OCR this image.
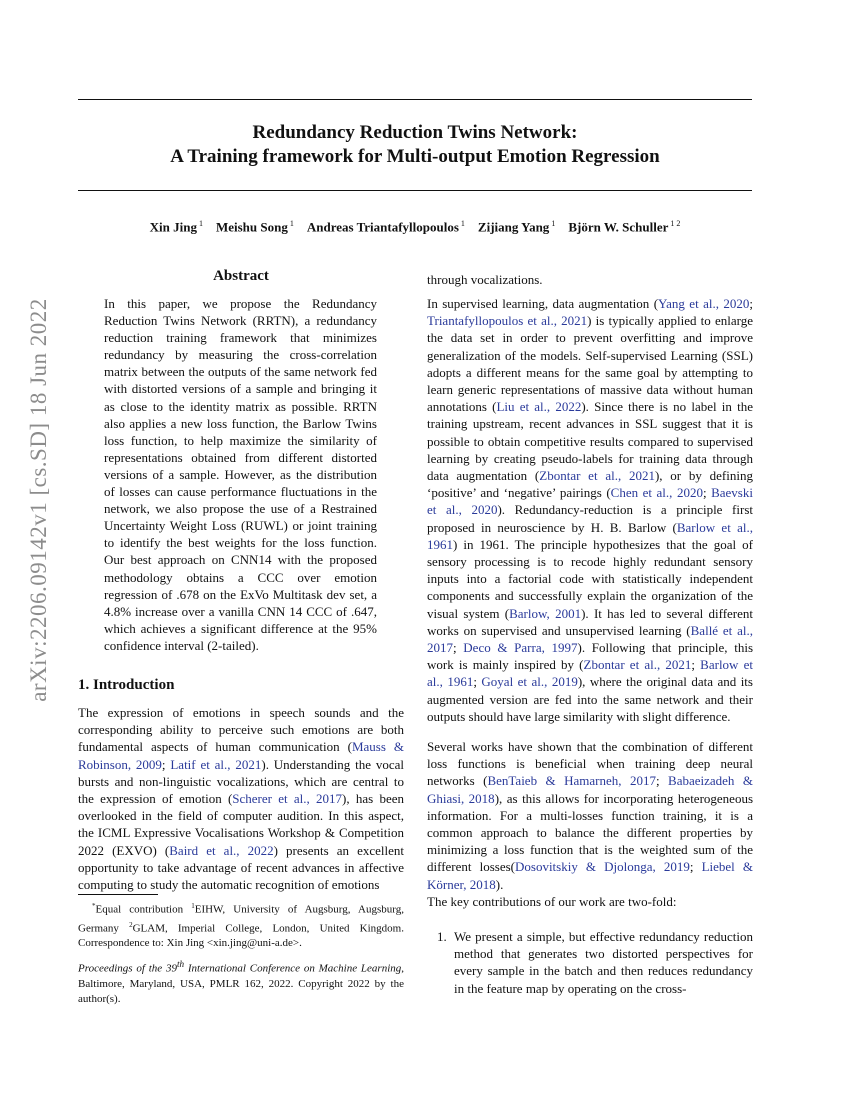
Redundancy Reduction Twins Network:
A Training framework for Multi-output Emotion Regression
Xin Jing $^1$  Meishu Song $^1$  Andreas Triantafyllopoulos $^1$  Zijiang Yang $^1$  Björn W. Schuller $^{1 2}$
arXiv:2206.09142v1 [cs.SD] 18 Jun 2022
Abstract

In this paper, we propose the Redundancy Reduction Twins Network (RRTN), a redundancy reduction training framework that minimizes redundancy by measuring the cross-correlation matrix between the outputs of the same network fed with distorted versions of a sample and bringing it as close to the identity matrix as possible. RRTN also applies a new loss function, the Barlow Twins loss function, to help maximize the similarity of representations obtained from different distorted versions of a sample. However, as the distribution of losses can cause performance fluctuations in the network, we also propose the use of a Restrained Uncertainty Weight Loss (RUWL) or joint training to identify the best weights for the loss function. Our best approach on CNN14 with the proposed methodology obtains a CCC over emotion regression of .678 on the ExVo Multitask dev set, a 4.8% increase over a vanilla CNN 14 CCC of .647, which achieves a significant difference at the 95% confidence interval (2-tailed).

1. Introduction

The expression of emotions in speech sounds and the corresponding ability to perceive such emotions are both fundamental aspects of human communication (Mauss & Robinson, 2009; Latif et al., 2021). Understanding the vocal bursts and non-linguistic vocalizations, which are central to the expression of emotion (Scherer et al., 2017), has been overlooked in the field of computer audition. In this aspect, the ICML Expressive Vocalisations Workshop & Competition 2022 (EXVO) (Baird et al., 2022) presents an excellent opportunity to take advantage of recent advances in affective computing to study the automatic recognition of emotions

*Equal contribution $^1$EIHW, University of Augsburg, Augsburg, Germany $^2$GLAM, Imperial College, London, United Kingdom. Correspondence to: Xin Jing <xin.jing@uni-a.de>.
Proceedings of the 39th International Conference on Machine Learning, Baltimore, Maryland, USA, PMLR 162, 2022. Copyright 2022 by the author(s).

through vocalizations.

In supervised learning, data augmentation (Yang et al., 2020; Triantafyllopoulos et al., 2021) is typically applied to enlarge the data set in order to prevent overfitting and improve generalization of the models. Self-supervised Learning (SSL) adopts a different means for the same goal by attempting to learn generic representations of massive data without human annotations (Liu et al., 2022). Since there is no label in the training upstream, recent advances in SSL suggest that it is possible to obtain competitive results compared to supervised learning by creating pseudo-labels for training data through data augmentation (Zbontar et al., 2021), or by defining ‘positive’ and ‘negative’ pairings (Chen et al., 2020; Baevski et al., 2020). Redundancy-reduction is a principle first proposed in neuroscience by H. B. Barlow (Barlow et al., 1961) in 1961. The principle hypothesizes that the goal of sensory processing is to recode highly redundant sensory inputs into a factorial code with statistically independent components and successfully explain the organization of the visual system (Barlow, 2001). It has led to several different works on supervised and unsupervised learning (Ballé et al., 2017; Deco & Parra, 1997). Following that principle, this work is mainly inspired by (Zbontar et al., 2021; Barlow et al., 1961; Goyal et al., 2019), where the original data and its augmented version are fed into the same network and their outputs should have large similarity with slight difference.

Several works have shown that the combination of different loss functions is beneficial when training deep neural networks (BenTaieb & Hamarneh, 2017; Babaeizadeh & Ghiasi, 2018), as this allows for incorporating heterogeneous information. For a multi-losses function training, it is a common approach to balance the different properties by minimizing a loss function that is the weighted sum of the different losses(Dosovitskiy & Djolonga, 2019; Liebel & Körner, 2018).

The key contributions of our work are two-fold:

1. We present a simple, but effective redundancy reduction method that generates two distorted perspectives for every sample in the batch and then reduces redundancy in the feature map by operating on the cross-
